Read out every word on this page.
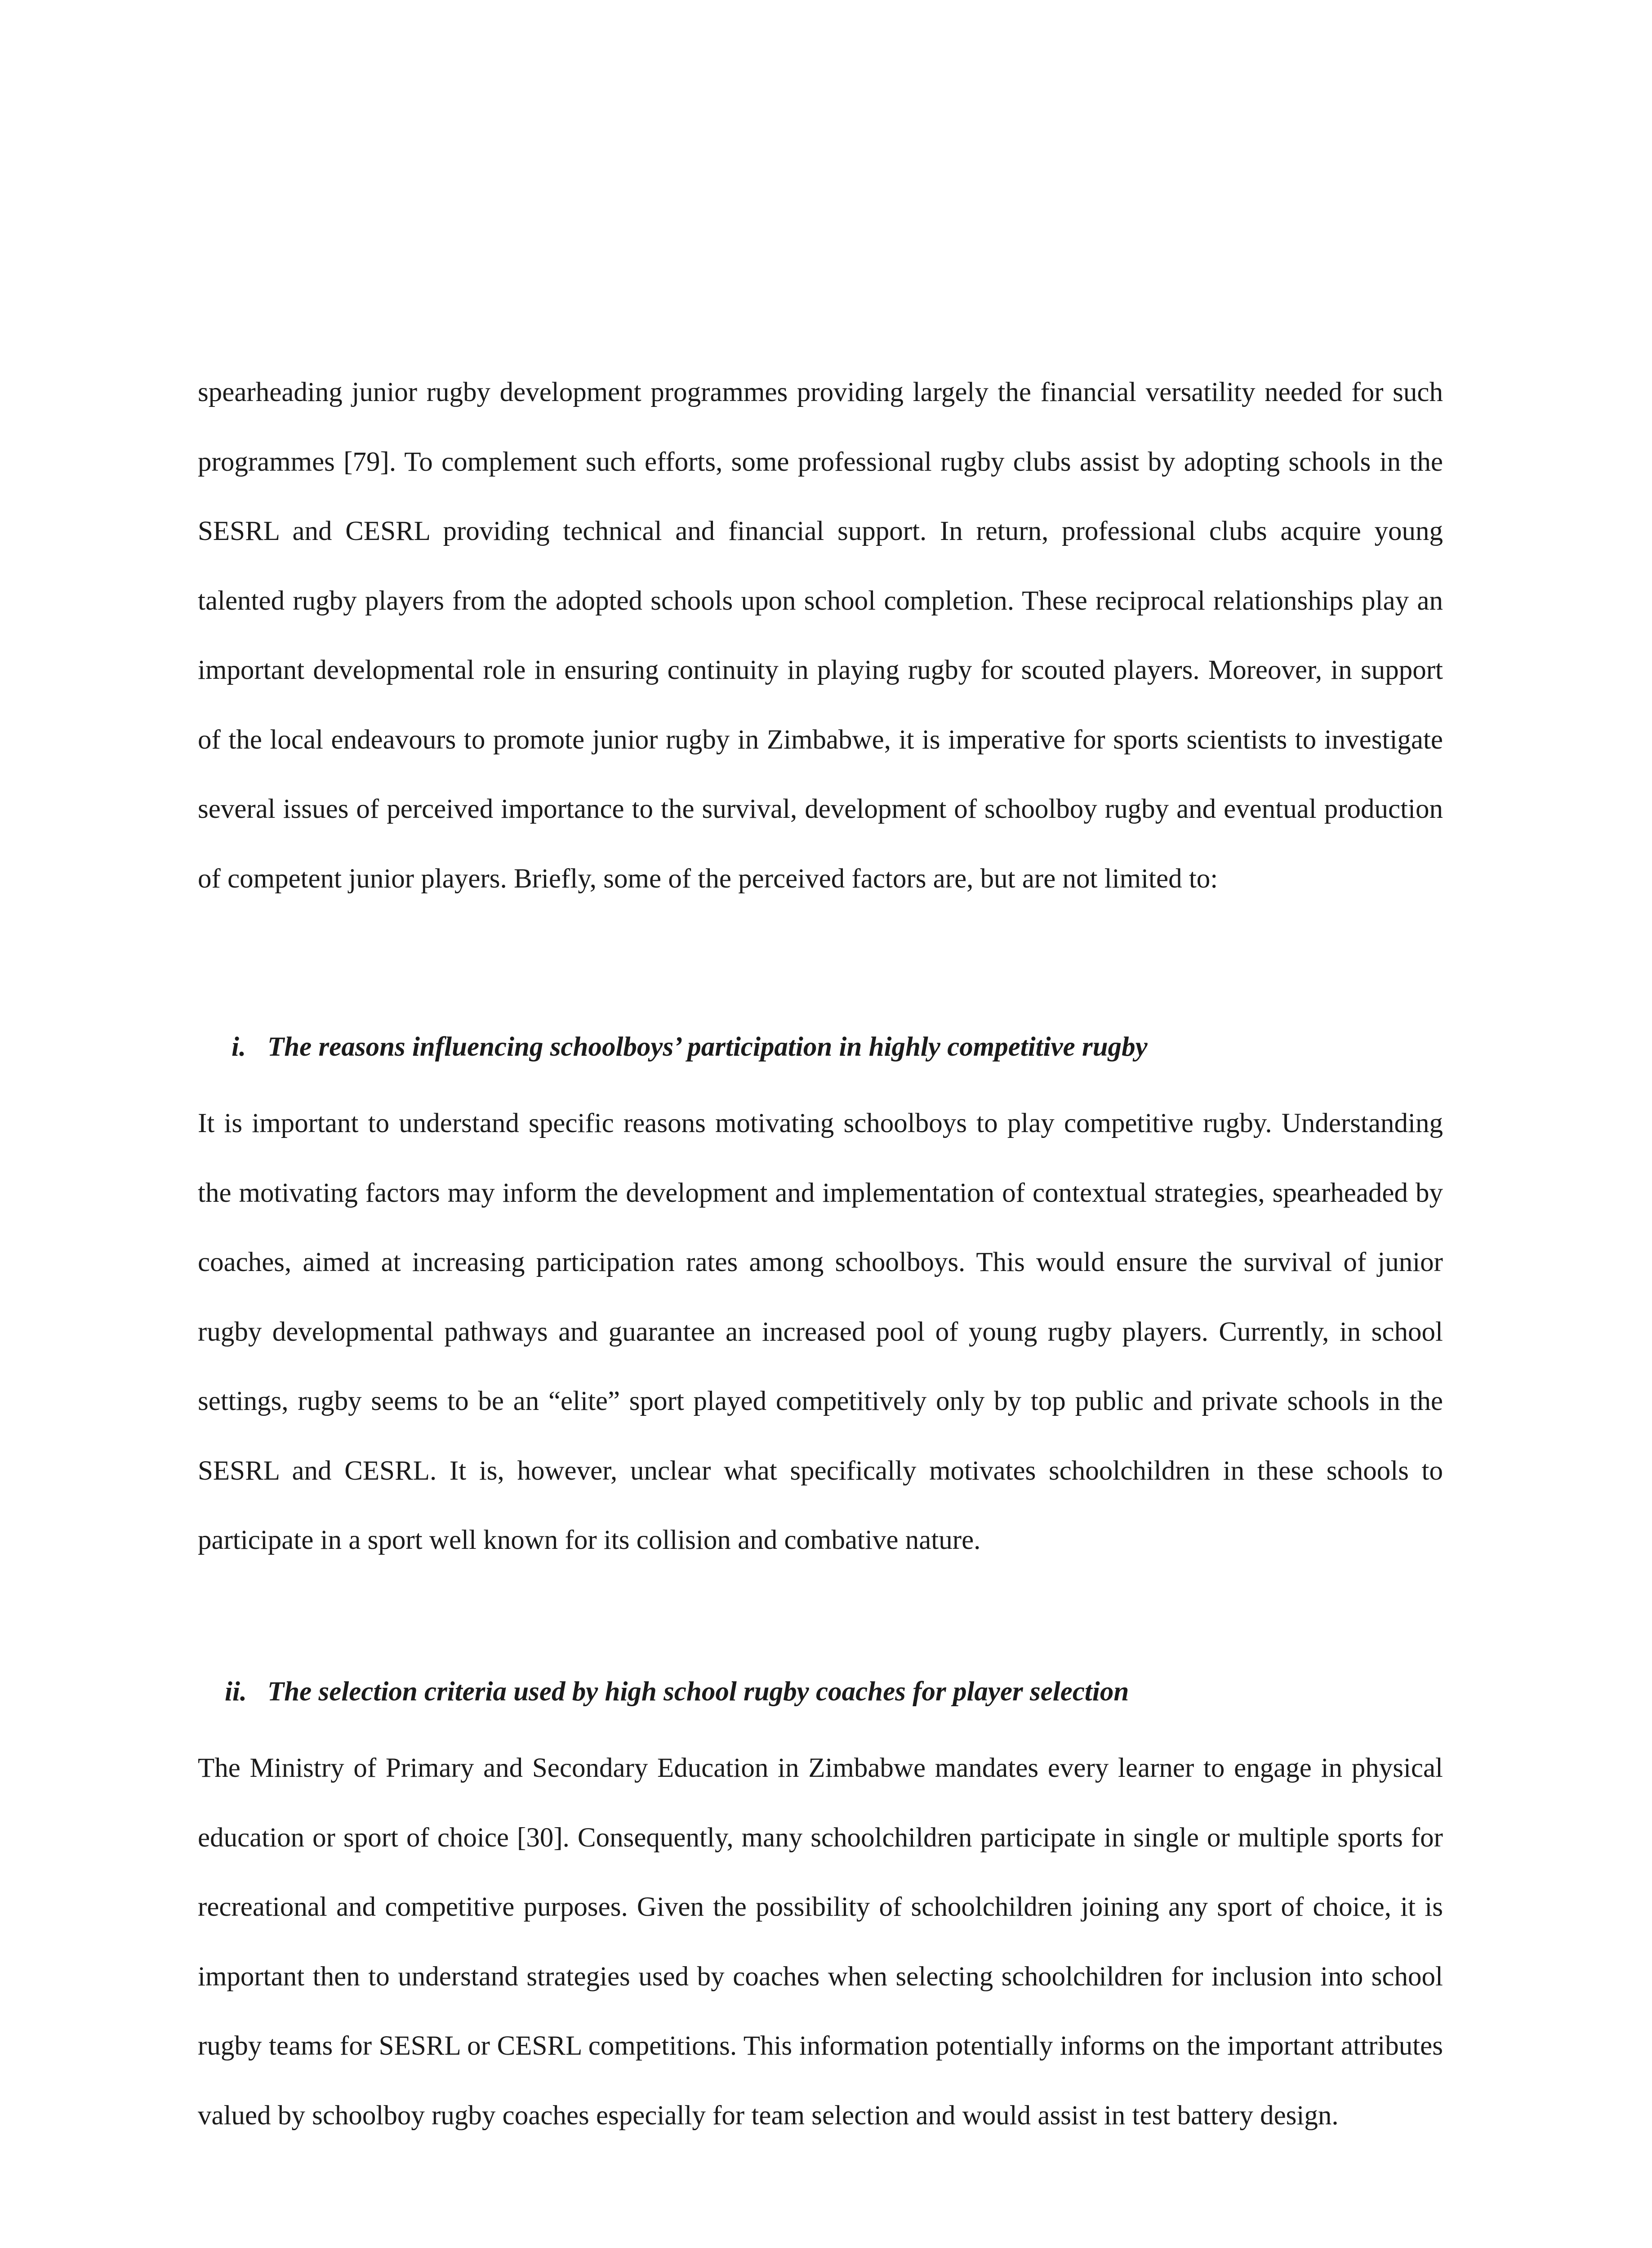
spearheading junior rugby development programmes providing largely the financial versatility needed for such programmes [79]. To complement such efforts, some professional rugby clubs assist by adopting schools in the SESRL and CESRL providing technical and financial support. In return, professional clubs acquire young talented rugby players from the adopted schools upon school completion. These reciprocal relationships play an important developmental role in ensuring continuity in playing rugby for scouted players. Moreover, in support of the local endeavours to promote junior rugby in Zimbabwe, it is imperative for sports scientists to investigate several issues of perceived importance to the survival, development of schoolboy rugby and eventual production of competent junior players. Briefly, some of the perceived factors are, but are not limited to:

i. The reasons influencing schoolboys’ participation in highly competitive rugby

It is important to understand specific reasons motivating schoolboys to play competitive rugby. Understanding the motivating factors may inform the development and implementation of contextual strategies, spearheaded by coaches, aimed at increasing participation rates among schoolboys. This would ensure the survival of junior rugby developmental pathways and guarantee an increased pool of young rugby players. Currently, in school settings, rugby seems to be an “elite” sport played competitively only by top public and private schools in the SESRL and CESRL. It is, however, unclear what specifically motivates schoolchildren in these schools to participate in a sport well known for its collision and combative nature.

ii. The selection criteria used by high school rugby coaches for player selection

The Ministry of Primary and Secondary Education in Zimbabwe mandates every learner to engage in physical education or sport of choice [30]. Consequently, many schoolchildren participate in single or multiple sports for recreational and competitive purposes. Given the possibility of schoolchildren joining any sport of choice, it is important then to understand strategies used by coaches when selecting schoolchildren for inclusion into school rugby teams for SESRL or CESRL competitions. This information potentially informs on the important attributes valued by schoolboy rugby coaches especially for team selection and would assist in test battery design.
